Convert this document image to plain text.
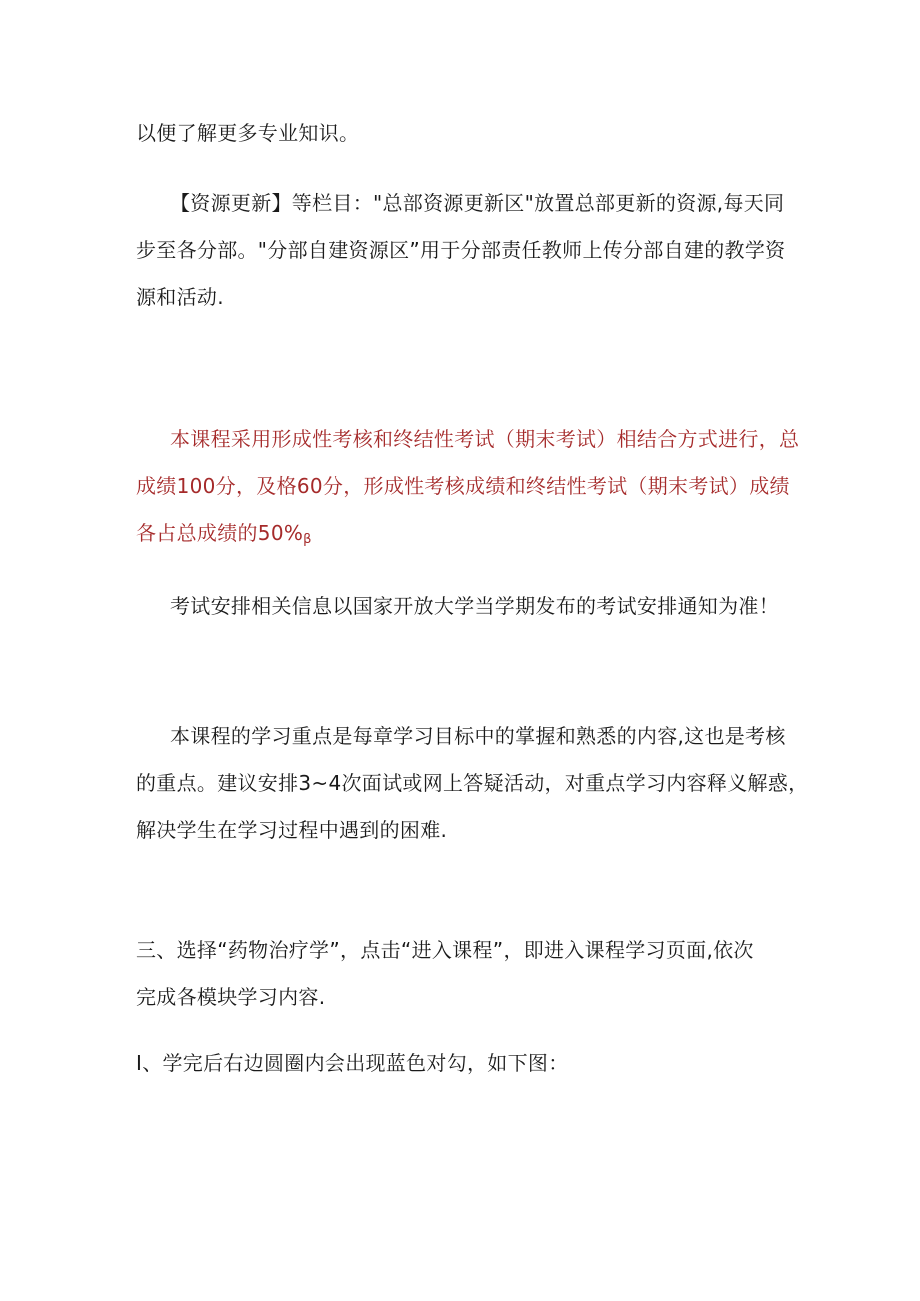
以便了解更多专业知识。

【资源更新】等栏目："总部资源更新区"放置总部更新的资源,每天同
步至各分部。"分部自建资源区”用于分部责任教师上传分部自建的教学资
源和活动.

本课程采用形成性考核和终结性考试（期末考试）相结合方式进行，总
成绩100分，及格60分，形成性考核成绩和终结性考试（期末考试）成绩
各占总成绩的$50\%_\beta$

考试安排相关信息以国家开放大学当学期发布的考试安排通知为准！

本课程的学习重点是每章学习目标中的掌握和熟悉的内容,这也是考核
的重点。建议安排3~4次面试或网上答疑活动，对重点学习内容释义解惑，
解决学生在学习过程中遇到的困难.

三、选择“药物治疗学”，点击“进入课程”，即进入课程学习页面,依次
完成各模块学习内容.

I、学完后右边圆圈内会出现蓝色对勾，如下图：
